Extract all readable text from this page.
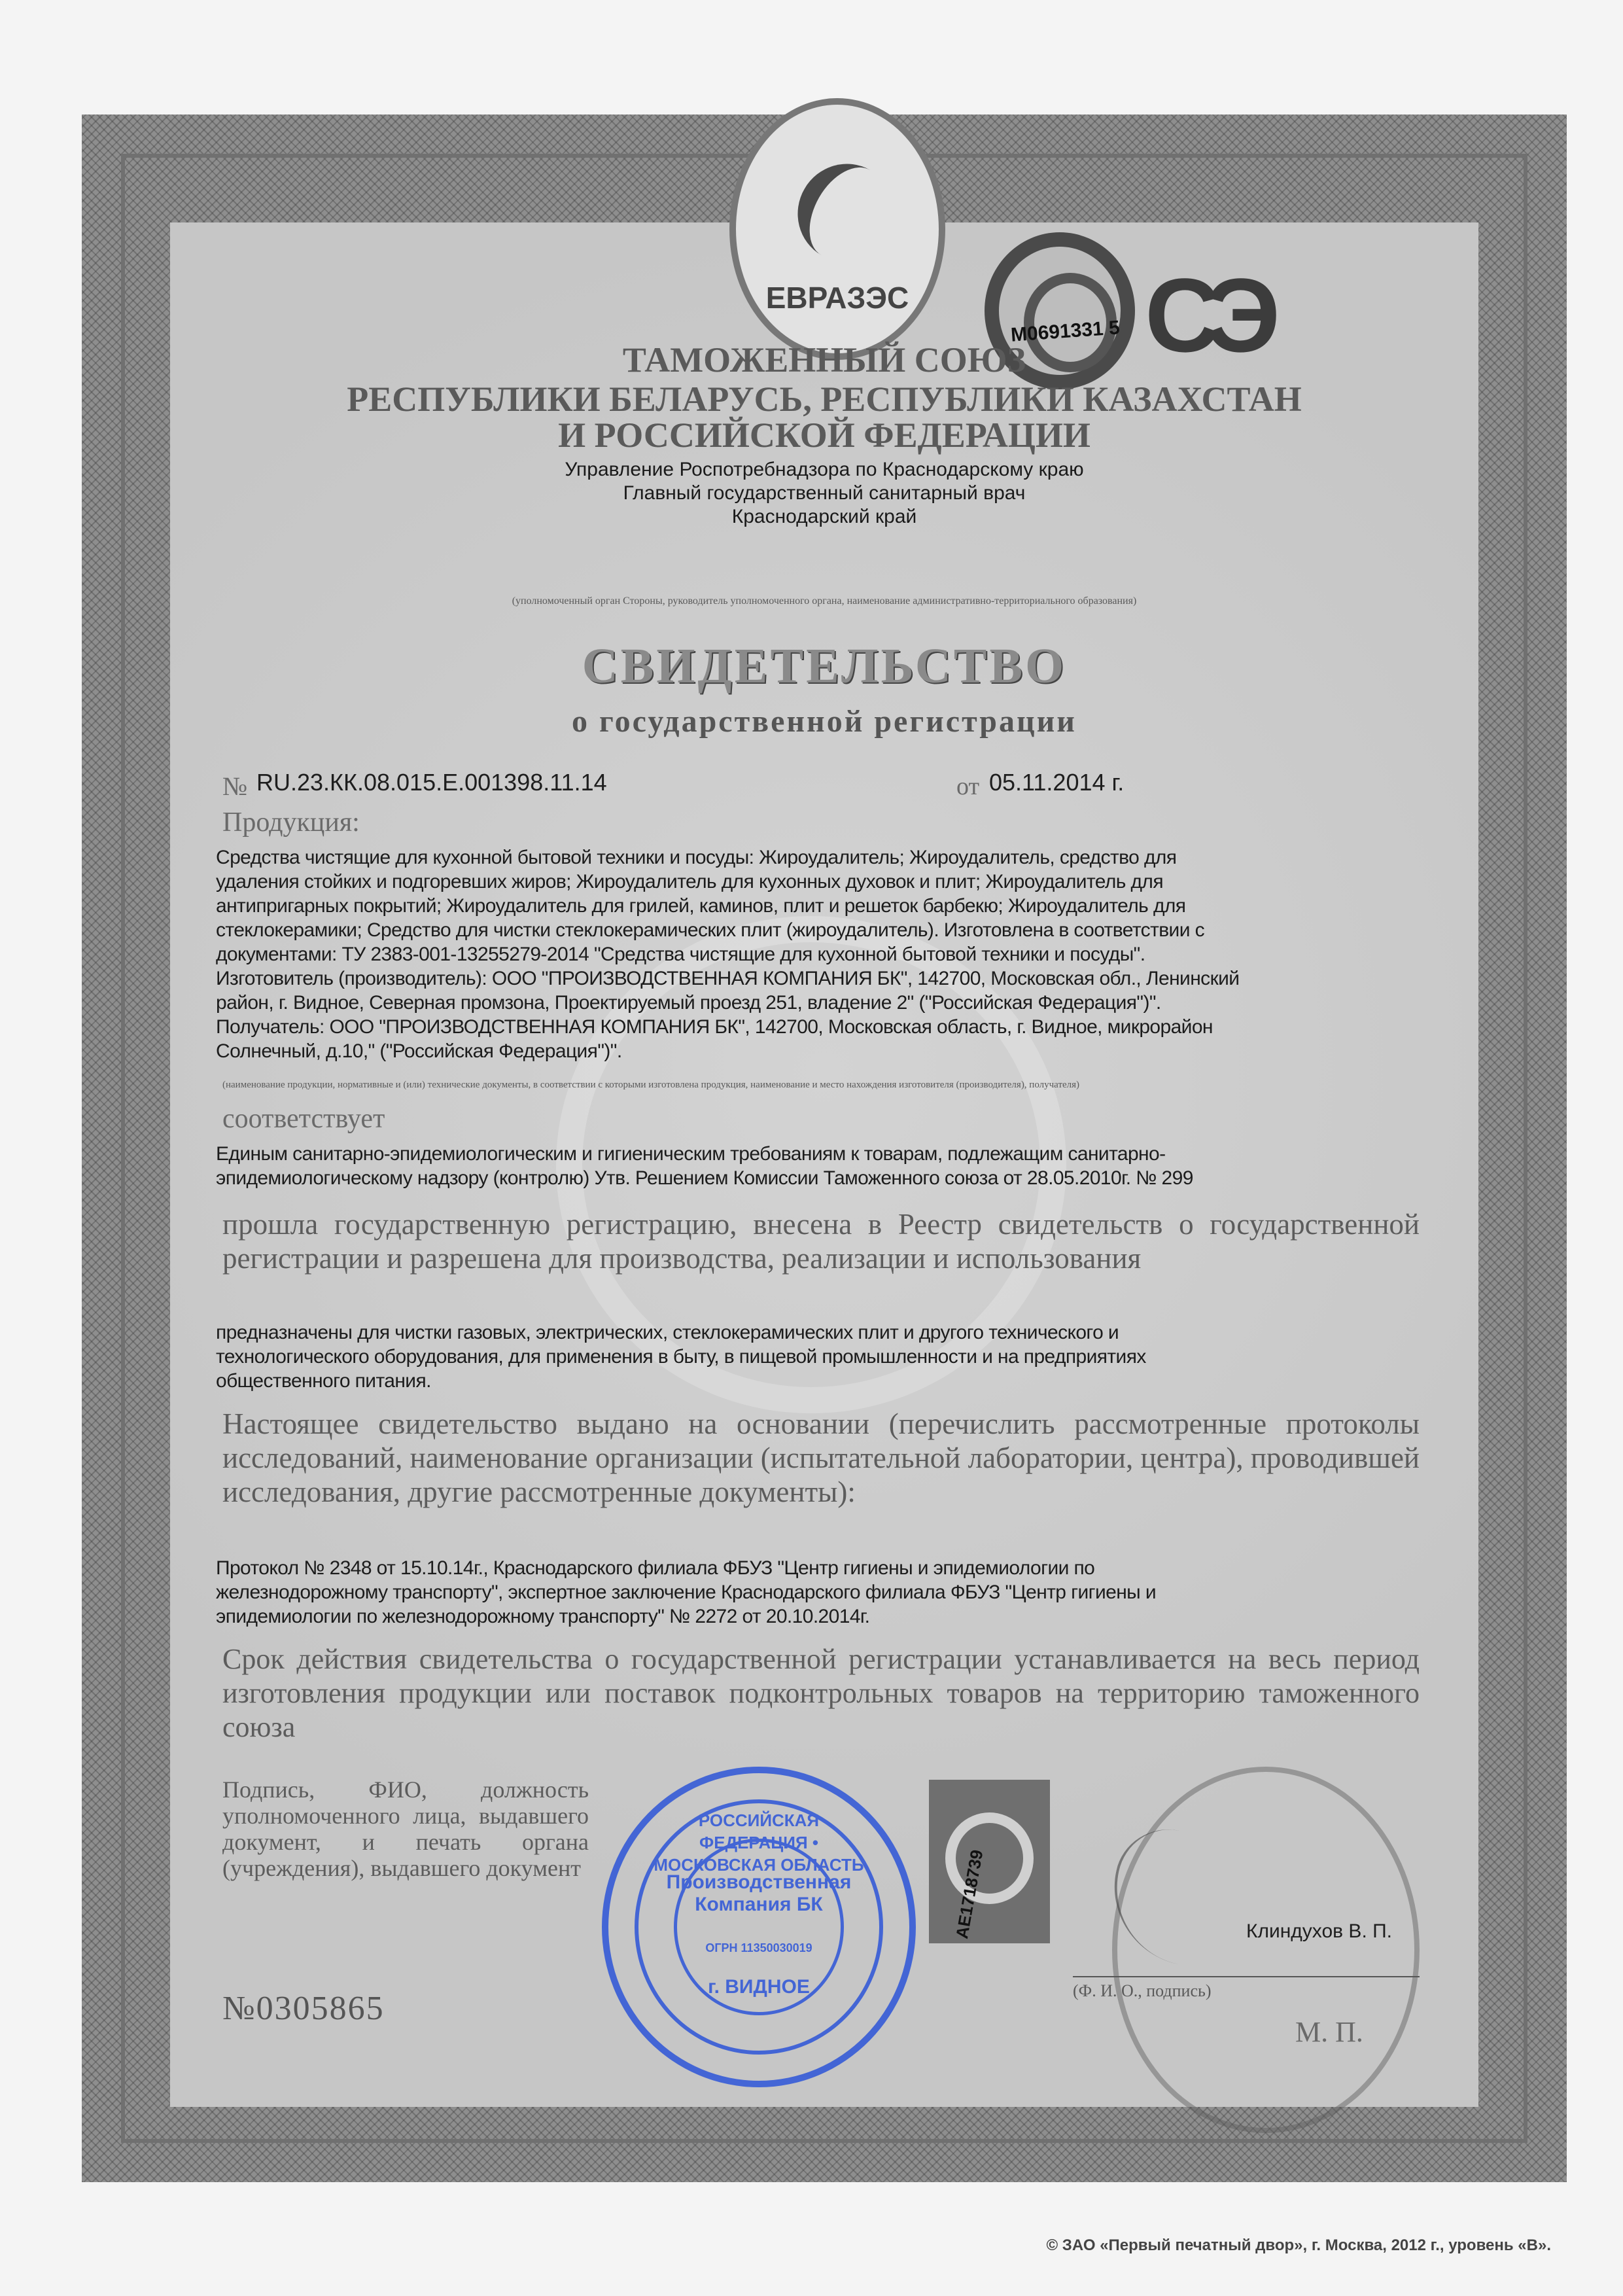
ЕВРАЗЭС
M0691331 5 СЭ
ТАМОЖЕННЫЙ СОЮЗ
РЕСПУБЛИКИ БЕЛАРУСЬ, РЕСПУБЛИКИ КАЗАХСТАН
И РОССИЙСКОЙ ФЕДЕРАЦИИ
Управление Роспотребнадзора по Краснодарскому краю
Главный государственный санитарный врач
Краснодарский край
(уполномоченный орган Стороны, руководитель уполномоченного органа, наименование административно-территориального образования)
СВИДЕТЕЛЬСТВО
о государственной регистрации
№ RU.23.КК.08.015.Е.001398.11.14	от 05.11.2014 г.
Продукция:
Средства чистящие для кухонной бытовой техники и посуды: Жироудалитель; Жироудалитель, средство для
удаления стойких и подгоревших жиров; Жироудалитель для кухонных духовок и плит; Жироудалитель для
антипригарных покрытий; Жироудалитель для грилей, каминов, плит и решеток барбекю; Жироудалитель для
стеклокерамики; Средство для чистки стеклокерамических плит (жироудалитель). Изготовлена в соответствии с
документами: ТУ 2383-001-13255279-2014 "Средства чистящие для кухонной бытовой техники и посуды".
Изготовитель (производитель): ООО "ПРОИЗВОДСТВЕННАЯ КОМПАНИЯ БК", 142700, Московская обл., Ленинский
район, г. Видное, Северная промзона, Проектируемый проезд 251, владение 2" ("Российская Федерация")".
Получатель: ООО "ПРОИЗВОДСТВЕННАЯ КОМПАНИЯ БК", 142700, Московская область, г. Видное, микрорайон
Солнечный, д.10," ("Российская Федерация")".
(наименование продукции, нормативные и (или) технические документы, в соответствии с которыми изготовлена продукция, наименование и место нахождения изготовителя (производителя), получателя)
соответствует
Единым санитарно-эпидемиологическим и гигиеническим требованиям к товарам, подлежащим санитарно-
эпидемиологическому надзору (контролю) Утв. Решением Комиссии Таможенного союза от 28.05.2010г. № 299
прошла государственную регистрацию, внесена в Реестр свидетельств о государственной регистрации и разрешена для производства, реализации и использования
предназначены для чистки газовых, электрических, стеклокерамических плит и другого технического и
технологического оборудования, для применения в быту, в пищевой промышленности и на предприятиях
общественного питания.
Настоящее свидетельство выдано на основании (перечислить рассмотренные протоколы исследований, наименование организации (испытательной лаборатории, центра), проводившей исследования, другие рассмотренные документы):
Протокол № 2348 от 15.10.14г., Краснодарского филиала ФБУЗ "Центр гигиены и эпидемиологии по
железнодорожному транспорту", экспертное заключение Краснодарского филиала ФБУЗ "Центр гигиены и
эпидемиологии по железнодорожному транспорту" № 2272 от 20.10.2014г.
Срок действия свидетельства о государственной регистрации устанавливается на весь период изготовления продукции или поставок подконтрольных товаров на территорию таможенного союза
Подпись, ФИО, должность уполномоченного лица, выдавшего документ, и печать органа (учреждения), выдавшего документ
№0305865
Клиндухов В. П.
(Ф. И. О., подпись)
М. П.
AE1718739
РОССИЙСКАЯ ФЕДЕРАЦИЯ • МОСКОВСКАЯ ОБЛАСТЬ
Производственная Компания БК
ОГРН 11350030019
г. ВИДНОЕ
© ЗАО «Первый печатный двор», г. Москва, 2012 г., уровень «В».
